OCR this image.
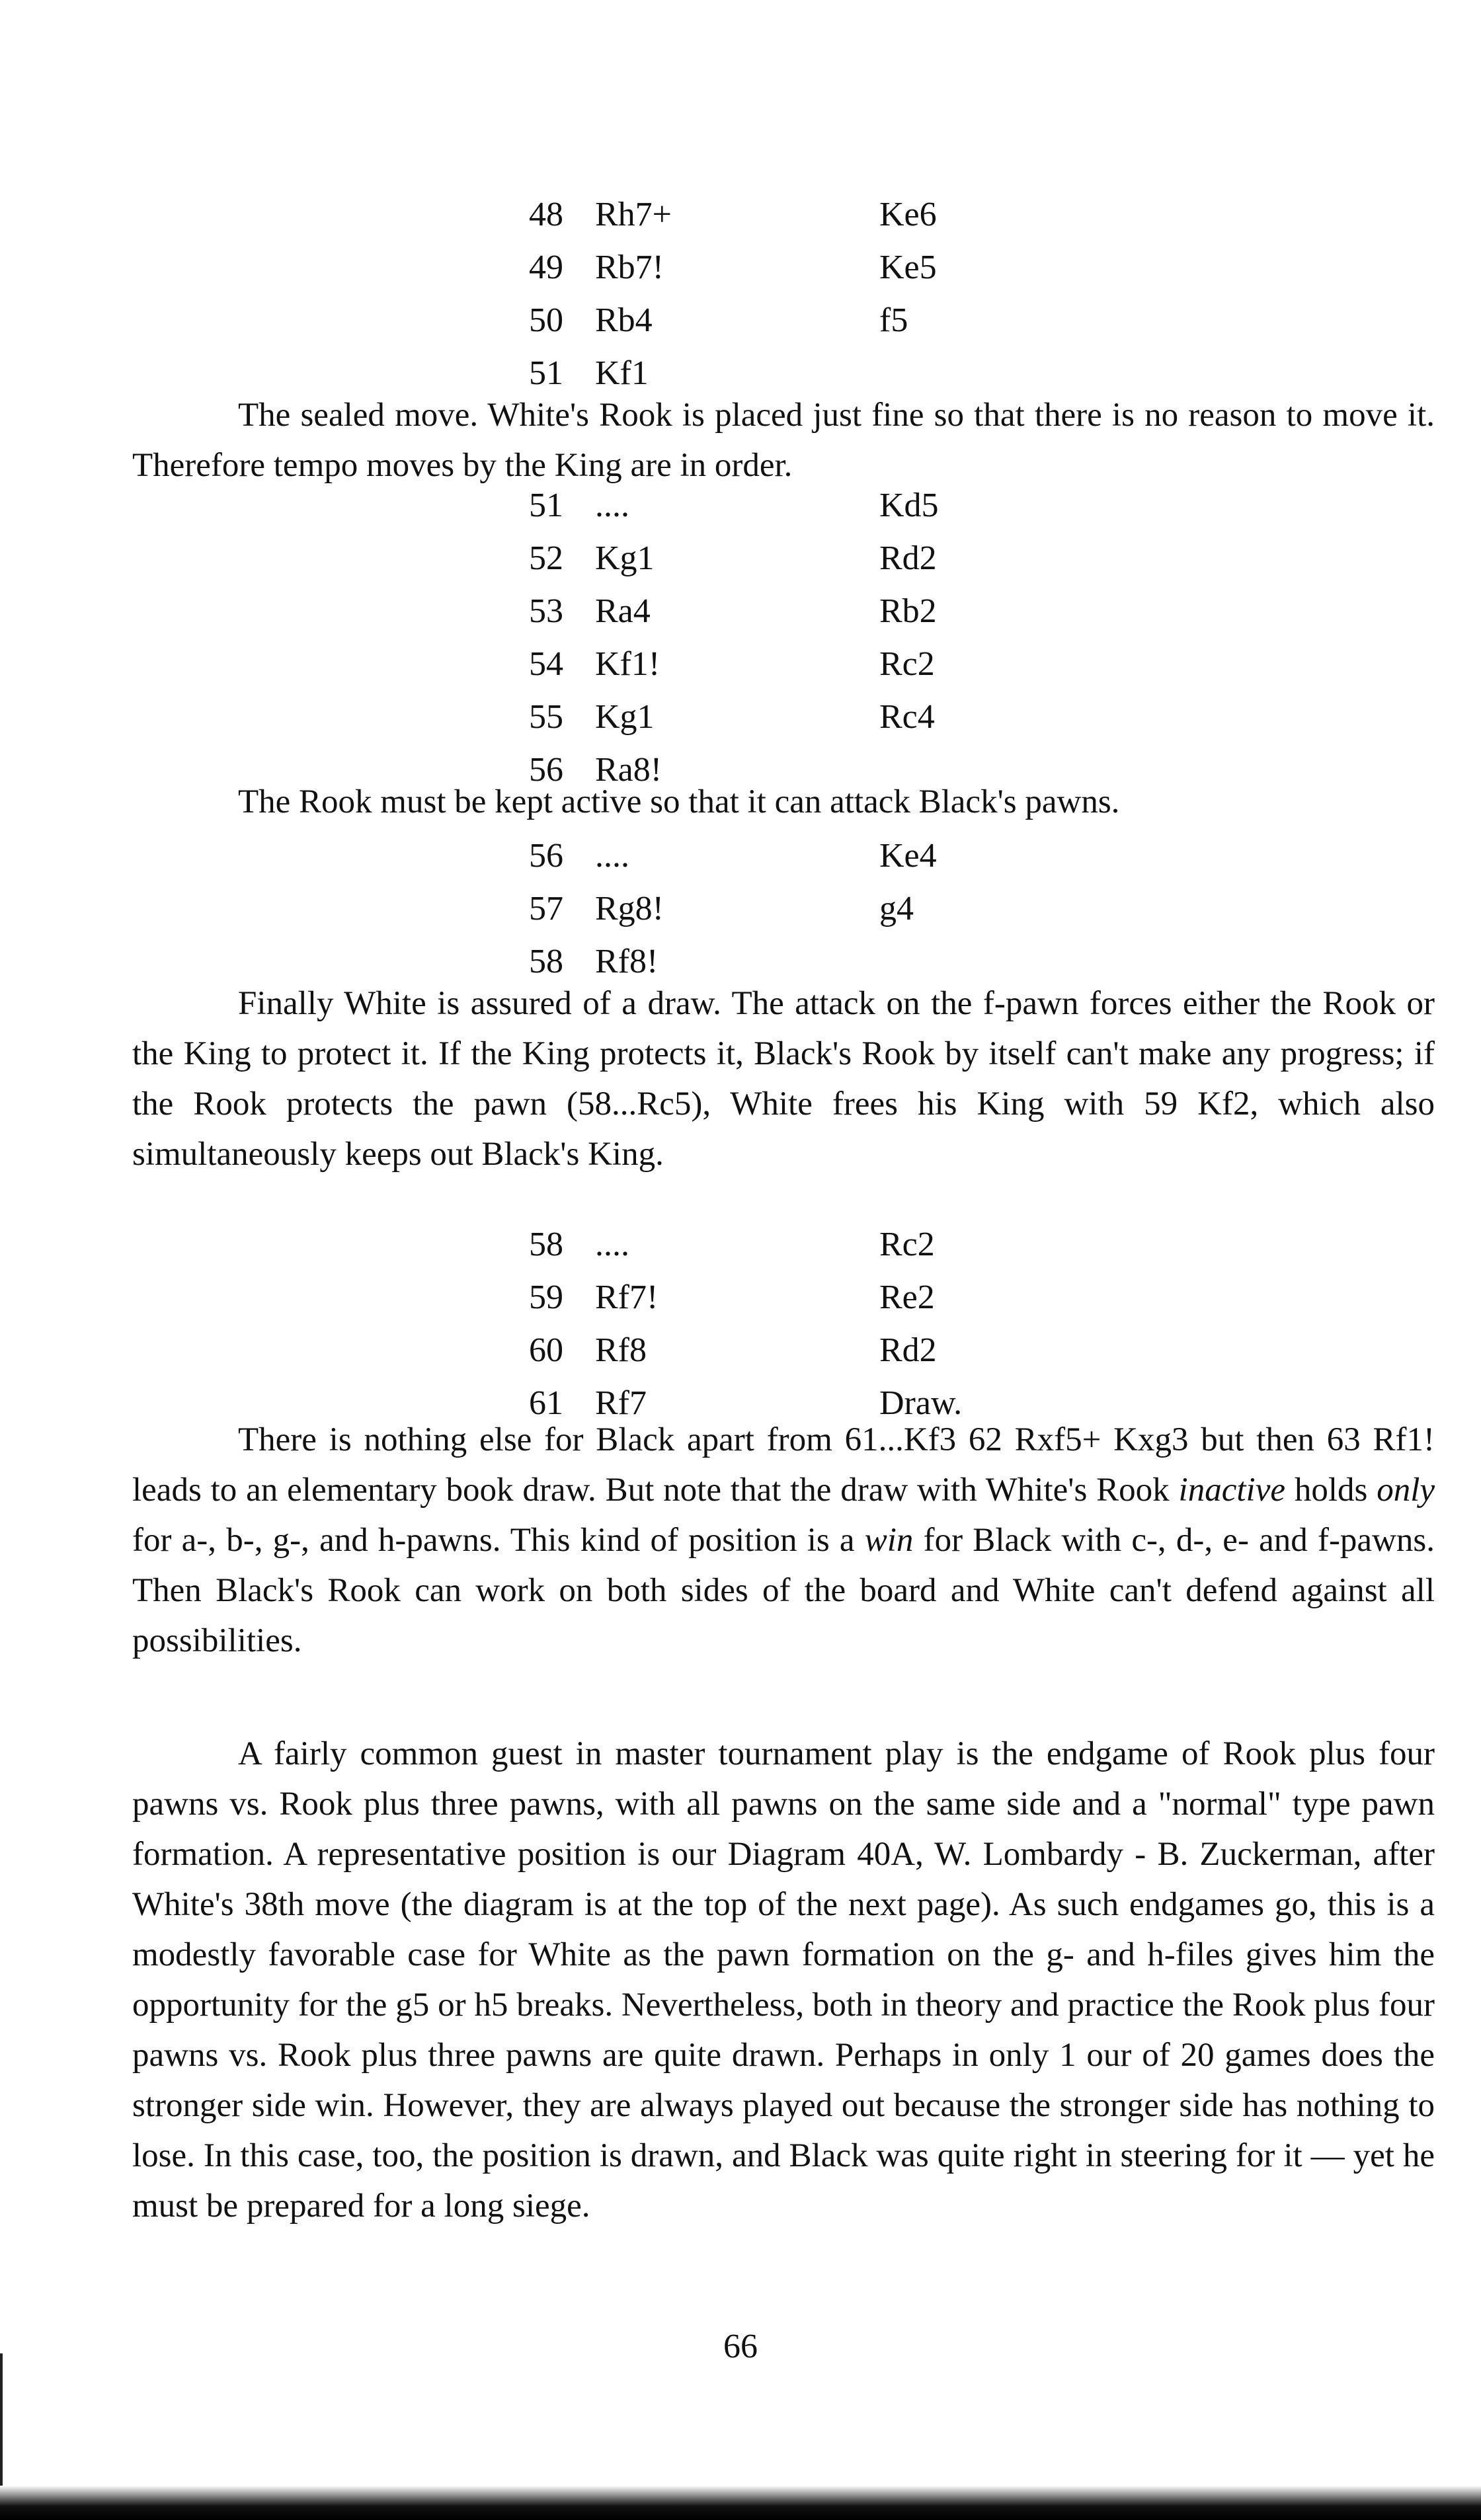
48 Rh7+	Ke6
49 Rb7!	Ke5
50 Rb4	f5
51 Kf1

The sealed move. White's Rook is placed just fine so that there is no reason to move it. Therefore tempo moves by the King are in order.

51 ....	Kd5
52 Kg1	Rd2
53 Ra4	Rb2
54 Kf1!	Rc2
55 Kg1	Rc4
56 Ra8!

The Rook must be kept active so that it can attack Black's pawns.

56 ....	Ke4
57 Rg8!	g4
58 Rf8!

Finally White is assured of a draw. The attack on the f-pawn forces either the Rook or the King to protect it. If the King protects it, Black's Rook by itself can't make any progress; if the Rook protects the pawn (58...Rc5), White frees his King with 59 Kf2, which also simultaneously keeps out Black's King.

58 ....	Rc2
59 Rf7!	Re2
60 Rf8	Rd2
61 Rf7	Draw.

There is nothing else for Black apart from 61...Kf3 62 Rxf5+ Kxg3 but then 63 Rf1! leads to an elementary book draw. But note that the draw with White's Rook inactive holds only for a-, b-, g-, and h-pawns. This kind of position is a win for Black with c-, d-, e- and f-pawns. Then Black's Rook can work on both sides of the board and White can't defend against all possibilities.

A fairly common guest in master tournament play is the endgame of Rook plus four pawns vs. Rook plus three pawns, with all pawns on the same side and a "normal" type pawn formation. A representative position is our Diagram 40A, W. Lombardy - B. Zuckerman, after White's 38th move (the diagram is at the top of the next page). As such endgames go, this is a modestly favorable case for White as the pawn formation on the g- and h-files gives him the opportunity for the g5 or h5 breaks. Nevertheless, both in theory and practice the Rook plus four pawns vs. Rook plus three pawns are quite drawn. Perhaps in only 1 our of 20 games does the stronger side win. However, they are always played out because the stronger side has nothing to lose. In this case, too, the position is drawn, and Black was quite right in steering for it — yet he must be prepared for a long siege.

66
